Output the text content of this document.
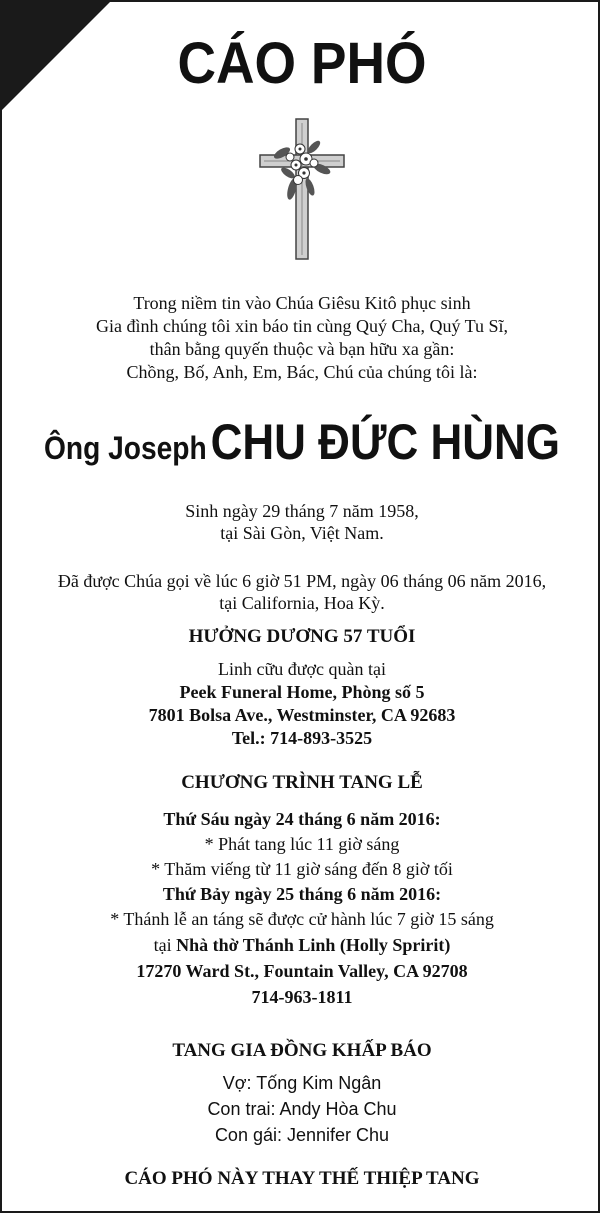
CÁO PHÓ
Trong niềm tin vào Chúa Giêsu Kitô phục sinh
Gia đình chúng tôi xin báo tin cùng Quý Cha, Quý Tu Sĩ,
thân bằng quyến thuộc và bạn hữu xa gần:
Chồng, Bố, Anh, Em, Bác, Chú của chúng tôi là:
Ông Joseph CHU ĐỨC HÙNG
Sinh ngày 29 tháng 7 năm 1958,
tại Sài Gòn, Việt Nam.
Đã được Chúa gọi về lúc 6 giờ 51 PM, ngày 06 tháng 06 năm 2016,
tại California, Hoa Kỳ.
HƯỞNG DƯƠNG 57 TUỔI
Linh cữu được quàn tại
Peek Funeral Home, Phòng số 5
7801 Bolsa Ave., Westminster, CA 92683
Tel.: 714-893-3525
CHƯƠNG TRÌNH TANG LỄ
Thứ Sáu ngày 24 tháng 6 năm 2016:
* Phát tang lúc 11 giờ sáng
* Thăm viếng từ 11 giờ sáng đến 8 giờ tối
Thứ Bảy ngày 25 tháng 6 năm 2016:
* Thánh lễ an táng sẽ được cử hành lúc 7 giờ 15 sáng
tại Nhà thờ Thánh Linh (Holly Spririt)
17270 Ward St., Fountain Valley, CA 92708
714-963-1811
TANG GIA ĐỒNG KHẤP BÁO
Vợ: Tống Kim Ngân
Con trai: Andy Hòa Chu
Con gái: Jennifer Chu
CÁO PHÓ NÀY THAY THẾ THIỆP TANG
